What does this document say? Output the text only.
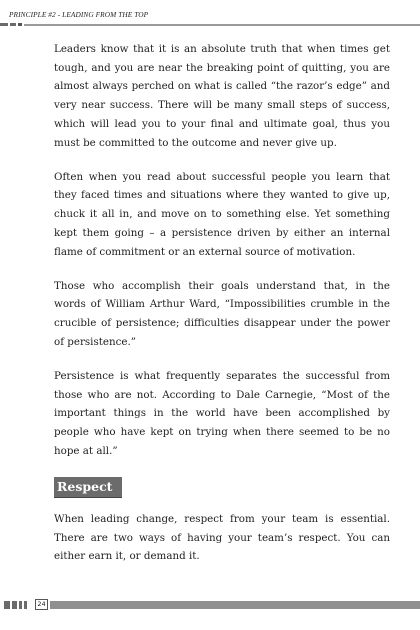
PRINCIPLE #2 - LEADING FROM THE TOP

Leaders know that it is an absolute truth that when times get tough, and you are near the breaking point of quitting, you are almost always perched on what is called “the razor’s edge” and very near success. There will be many small steps of success, which will lead you to your final and ultimate goal, thus you must be committed to the outcome and never give up.

Often when you read about successful people you learn that they faced times and situations where they wanted to give up, chuck it all in, and move on to something else. Yet something kept them going – a persistence driven by either an internal flame of commitment or an external source of motivation.

Those who accomplish their goals understand that, in the words of William Arthur Ward, “Impossibilities crumble in the crucible of persistence; difficulties disappear under the power of persistence.”

Persistence is what frequently separates the successful from those who are not. According to Dale Carnegie, “Most of the important things in the world have been accomplished by people who have kept on trying when there seemed to be no hope at all.”

Respect

When leading change, respect from your team is essential. There are two ways of having your team’s respect. You can either earn it, or demand it.

24
